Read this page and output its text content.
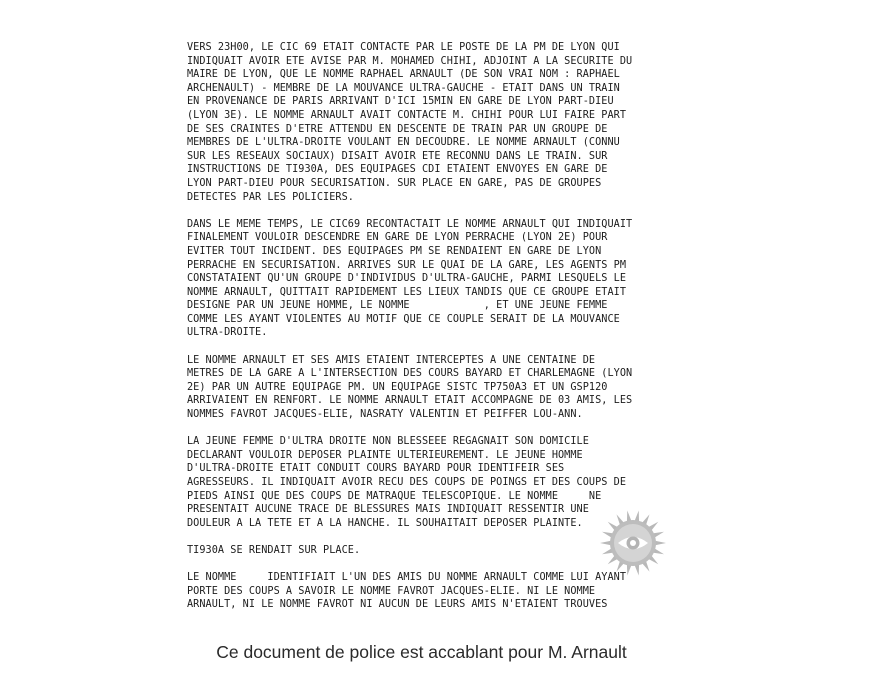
VERS 23H00, LE CIC 69 ETAIT CONTACTE PAR LE POSTE DE LA PM DE LYON QUI
INDIQUAIT AVOIR ETE AVISE PAR M. MOHAMED CHIHI, ADJOINT A LA SECURITE DU
MAIRE DE LYON, QUE LE NOMME RAPHAEL ARNAULT (DE SON VRAI NOM : RAPHAEL
ARCHENAULT) - MEMBRE DE LA MOUVANCE ULTRA-GAUCHE - ETAIT DANS UN TRAIN
EN PROVENANCE DE PARIS ARRIVANT D'ICI 15MIN EN GARE DE LYON PART-DIEU
(LYON 3E). LE NOMME ARNAULT AVAIT CONTACTE M. CHIHI POUR LUI FAIRE PART
DE SES CRAINTES D'ETRE ATTENDU EN DESCENTE DE TRAIN PAR UN GROUPE DE
MEMBRES DE L'ULTRA-DROITE VOULANT EN DECOUDRE. LE NOMME ARNAULT (CONNU
SUR LES RESEAUX SOCIAUX) DISAIT AVOIR ETE RECONNU DANS LE TRAIN. SUR
INSTRUCTIONS DE TI930A, DES EQUIPAGES CDI ETAIENT ENVOYES EN GARE DE
LYON PART-DIEU POUR SECURISATION. SUR PLACE EN GARE, PAS DE GROUPES
DETECTES PAR LES POLICIERS.
DANS LE MEME TEMPS, LE CIC69 RECONTACTAIT LE NOMME ARNAULT QUI INDIQUAIT
FINALEMENT VOULOIR DESCENDRE EN GARE DE LYON PERRACHE (LYON 2E) POUR
EVITER TOUT INCIDENT. DES EQUIPAGES PM SE RENDAIENT EN GARE DE LYON
PERRACHE EN SECURISATION. ARRIVES SUR LE QUAI DE LA GARE, LES AGENTS PM
CONSTATAIENT QU'UN GROUPE D'INDIVIDUS D'ULTRA-GAUCHE, PARMI LESQUELS LE
NOMME ARNAULT, QUITTAIT RAPIDEMENT LES LIEUX TANDIS QUE CE GROUPE ETAIT
DESIGNE PAR UN JEUNE HOMME, LE NOMME            , ET UNE JEUNE FEMME
COMME LES AYANT VIOLENTES AU MOTIF QUE CE COUPLE SERAIT DE LA MOUVANCE
ULTRA-DROITE.
LE NOMME ARNAULT ET SES AMIS ETAIENT INTERCEPTES A UNE CENTAINE DE
METRES DE LA GARE A L'INTERSECTION DES COURS BAYARD ET CHARLEMAGNE (LYON
2E) PAR UN AUTRE EQUIPAGE PM. UN EQUIPAGE SISTC TP750A3 ET UN GSP120
ARRIVAIENT EN RENFORT. LE NOMME ARNAULT ETAIT ACCOMPAGNE DE 03 AMIS, LES
NOMMES FAVROT JACQUES-ELIE, NASRATY VALENTIN ET PEIFFER LOU-ANN.
LA JEUNE FEMME D'ULTRA DROITE NON BLESSEEE REGAGNAIT SON DOMICILE
DECLARANT VOULOIR DEPOSER PLAINTE ULTERIEUREMENT. LE JEUNE HOMME
D'ULTRA-DROITE ETAIT CONDUIT COURS BAYARD POUR IDENTIFEIR SES
AGRESSEURS. IL INDIQUAIT AVOIR RECU DES COUPS DE POINGS ET DES COUPS DE
PIEDS AINSI QUE DES COUPS DE MATRAQUE TELESCOPIQUE. LE NOMME     NE
PRESENTAIT AUCUNE TRACE DE BLESSURES MAIS INDIQUAIT RESSENTIR UNE
DOULEUR A LA TETE ET A LA HANCHE. IL SOUHAITAIT DEPOSER PLAINTE.
TI930A SE RENDAIT SUR PLACE.
LE NOMME     IDENTIFIAIT L'UN DES AMIS DU NOMME ARNAULT COMME LUI AYANT
PORTE DES COUPS A SAVOIR LE NOMME FAVROT JACQUES-ELIE. NI LE NOMME
ARNAULT, NI LE NOMME FAVROT NI AUCUN DE LEURS AMIS N'ETAIENT TROUVES
Ce document de police est accablant pour M. Arnault
